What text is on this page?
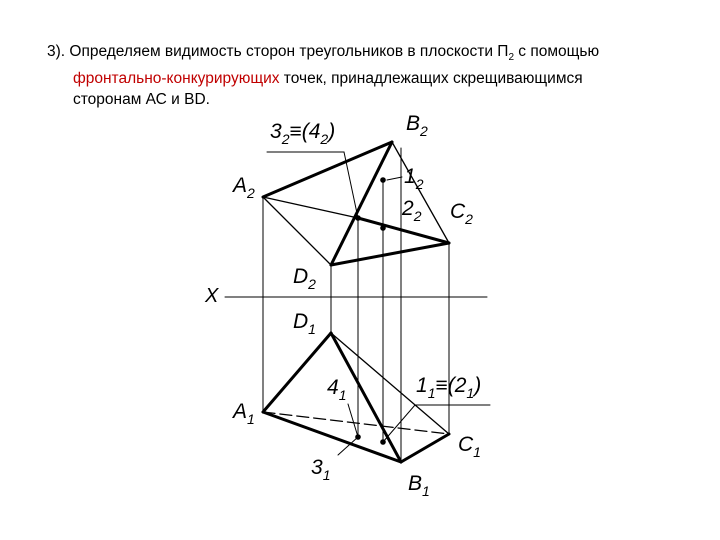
3). Определяем видимость сторон треугольников в плоскости $П_2$ с помощью
фронтально-конкурирующих точек, принадлежащих скрещивающимся
сторонам АС и ВD.
X
$B_2$
$A_2$
$C_2$
$D_2$
$1_2$
$2_2$
$3_2\equiv(4_2)$
$D_1$
$A_1$
$4_1$	$1_1\equiv(2_1)$
$C_1$
$3_1$	$B_1$
